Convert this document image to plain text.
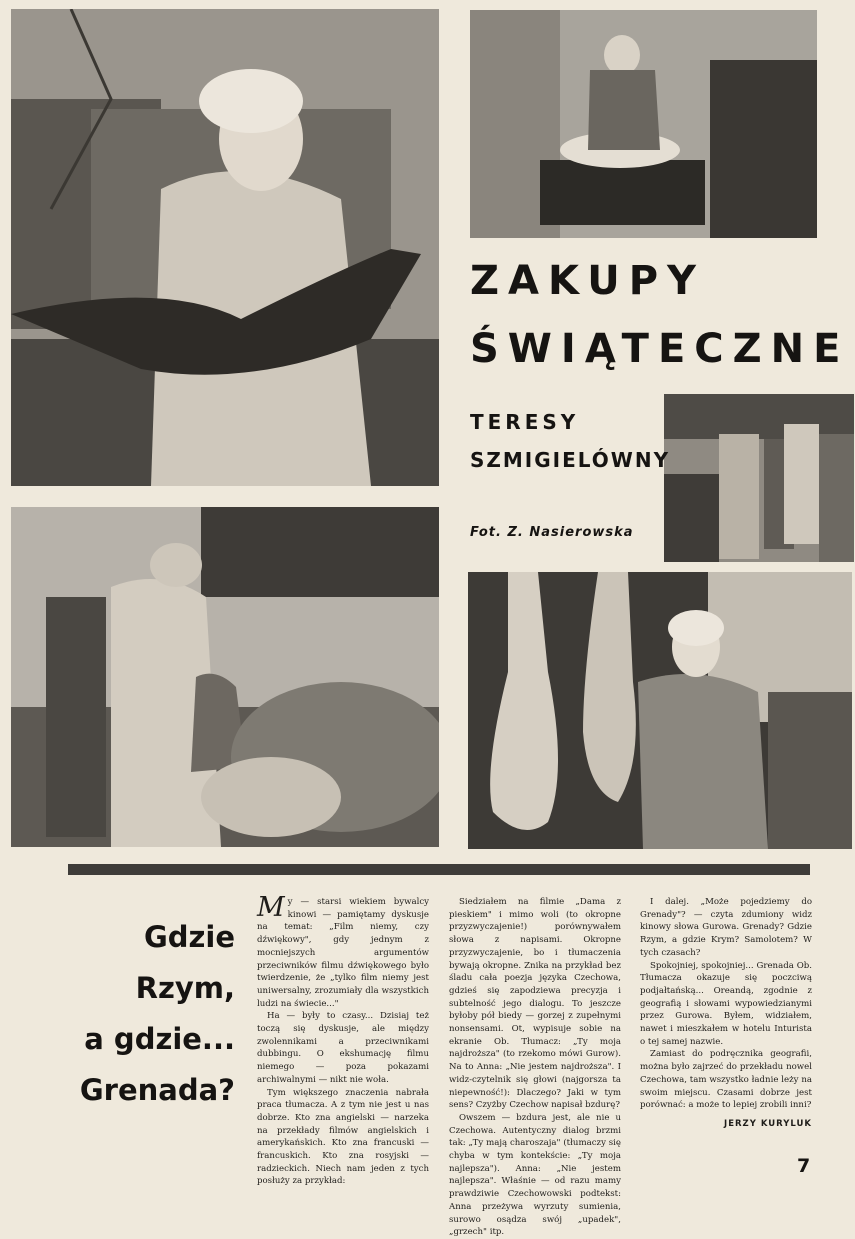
ZAKUPY
ŚWIĄTECZNE

TERESY

SZMIGIELÓWNY

Fot. Z. Nasierowska
Gdzie
Rzym,
a gdzie...
Grenada?

My — starsi wiekiem bywalcy kinowi — pamiętamy dyskusje na temat: „Film niemy, czy dźwiękowy", gdy jednym z mocniejszych argumentów przeciwników filmu dźwiękowego było twierdzenie, że „tylko film niemy jest uniwersalny, zrozumiały dla wszystkich ludzi na świecie..."

Ha — były to czasy... Dzisiaj też toczą się dyskusje, ale między zwolennikami a przeciwnikami dubbingu. O ekshumację filmu niemego — poza pokazami archiwalnymi — nikt nie woła.

Tym większego znaczenia nabrała praca tłumacza. A z tym nie jest u nas dobrze. Kto zna angielski — narzeka na przekłady filmów angielskich i amerykańskich. Kto zna francuski — francuskich. Kto zna rosyjski — radzieckich. Niech nam jeden z tych posłuży za przykład:

Siedziałem na filmie „Dama z pieskiem" i mimo woli (to okropne przyzwyczajenie!) porównywałem słowa z napisami. Okropne przyzwyczajenie, bo i tłumaczenia bywają okropne. Znika na przykład bez śladu cała poezja języka Czechowa, gdzieś się zapodziewa precyzja i subtelność jego dialogu. To jeszcze byłoby pół biedy — gorzej z zupełnymi nonsensami. Ot, wypisuje sobie na ekranie Ob. Tłumacz: „Ty moja najdroższa" (to rzekomo mówi Gurow). Na to Anna: „Nie jestem najdroższa". I widz-czytelnik się głowi (najgorsza ta niepewność!): Dlaczego? Jaki w tym sens? Czyżby Czechow napisał bzdurę?

Owszem — bzdura jest, ale nie u Czechowa. Autentyczny dialog brzmi tak: „Ty mają charoszaja" (tłumaczy się chyba w tym kontekście: „Ty moja najlepsza"). Anna: „Nie jestem najlepsza". Właśnie — od razu mamy prawdziwie Czechowowski podtekst: Anna przeżywa wyrzuty sumienia, surowo osądza swój „upadek", „grzech" itp.

I dalej. „Może pojedziemy do Grenady"? — czyta zdumiony widz kinowy słowa Gurowa. Grenady? Gdzie Rzym, a gdzie Krym? Samolotem? W tych czasach?

Spokojniej, spokojniej... Grenada Ob. Tłumacza okazuje się poczciwą podjałtańską... Oreandą, zgodnie z geografią i słowami wypowiedzianymi przez Gurowa. Byłem, widziałem, nawet i mieszkałem w hotelu Inturista o tej samej nazwie.

Zamiast do podręcznika geografii, można było zajrzeć do przekładu nowel Czechowa, tam wszystko ładnie leży na swoim miejscu. Czasami dobrze jest porównać: a może to lepiej zrobili inni?

JERZY KURYLUK

7
